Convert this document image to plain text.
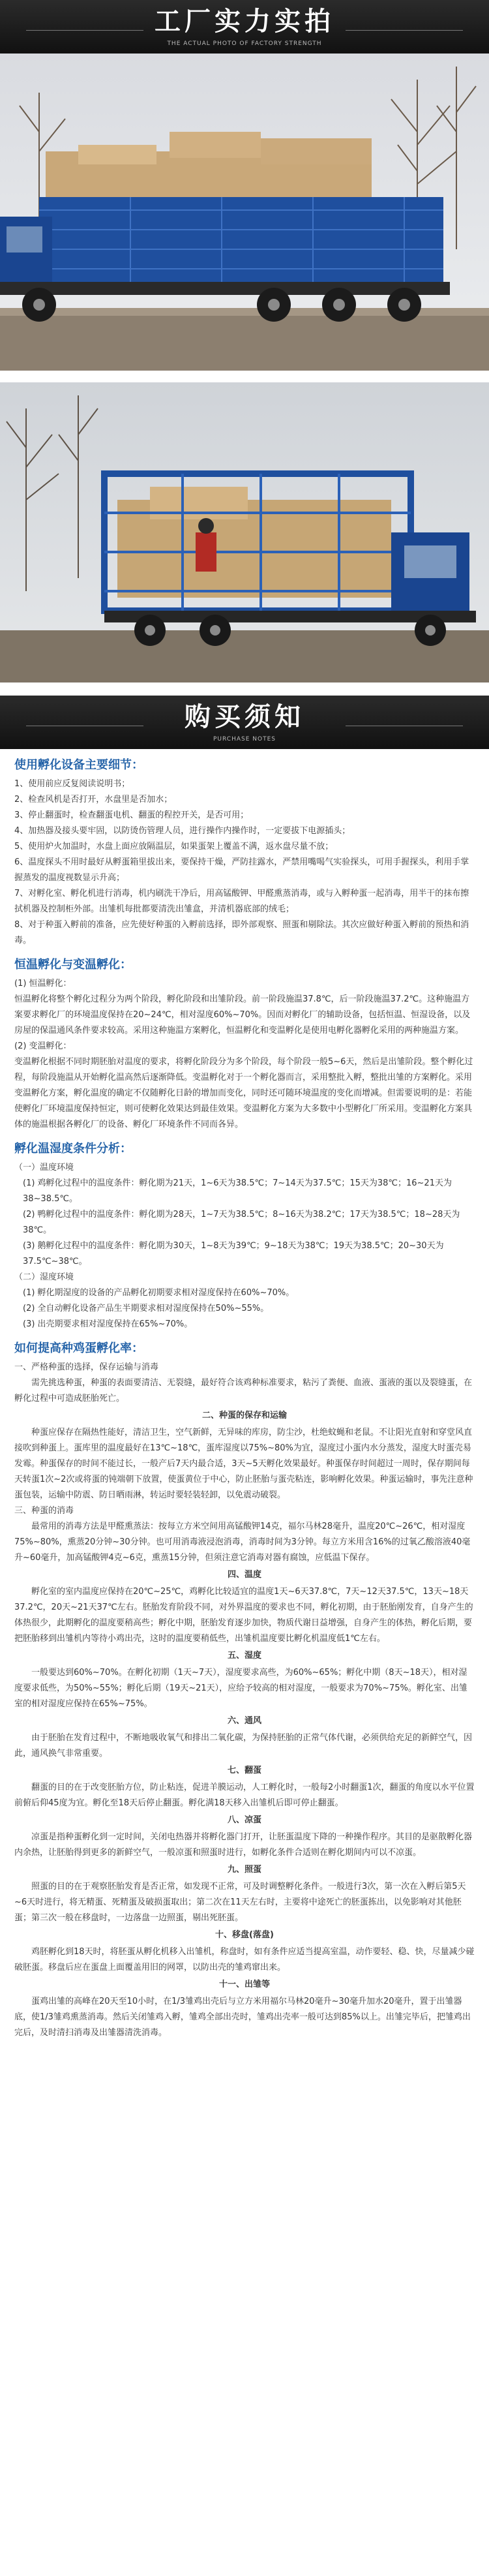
工厂实力实拍
THE ACTUAL PHOTO OF FACTORY STRENGTH
购买须知
PURCHASE NOTES
使用孵化设备主要细节：

1、使用前应反复阅读说明书；

2、检查风机是否打开，水盘里是否加水；

3、停止翻蛋时，检查翻蛋电机、翻蛋的程控开关，是否可用；

4、加热器及接头要牢固，以防烫伤管理人员，进行操作内操作时，一定要拔下电源插头；

5、使用炉火加温时，水盘上面应放隔温层，如果蛋架上覆盖不满，返水盘尽量不放；

6、温度探头不用时最好从孵蛋箱里拔出来，要保持干燥，严防挂露水，严禁用嘴喝气实验探头，可用手握探头，利用手掌握蒸发的温度视数显示升高；

7、对孵化室、孵化机进行消毒，机内刷洗干净后，用高锰酸钾、甲醛熏蒸消毒，或与入孵种蛋一起消毒，用半干的抹布擦拭机器及控制柜外部。出雏机每批都要清洗出雏盒，并清机器底部的绒毛；

8、对于种蛋入孵前的准备，应先使好种蛋的入孵前选择，即外部观察、照蛋和剔除法。其次应做好种蛋入孵前的预热和消毒。

恒温孵化与变温孵化：

(1) 恒温孵化：

恒温孵化将整个孵化过程分为两个阶段，孵化阶段和出雏阶段。前一阶段施温37.8℃，后一阶段施温37.2℃。这种施温方案要求孵化厂的环境温度保持在20~24℃，相对湿度60%~70%。因而对孵化厂的辅助设备，包括恒温、恒湿设备，以及房屋的保温通风条件要求较高。采用这种施温方案孵化，恒温孵化和变温孵化是使用电孵化器孵化采用的两种施温方案。

(2) 变温孵化：

变温孵化根据不同时期胚胎对温度的要求，将孵化阶段分为多个阶段，每个阶段一般5~6天，然后是出雏阶段。整个孵化过程，每阶段施温从开始孵化温高然后逐渐降低。变温孵化对于一个孵化器而言，采用整批入孵，整批出雏的方案孵化。采用变温孵化方案，孵化温度的确定不仅随孵化日龄的增加而变化，同时还可随环境温度的变化而增减。但需要说明的是：若能使孵化厂环境温度保持恒定，则可使孵化效果达到最佳效果。变温孵化方案为大多数中小型孵化厂所采用。变温孵化方案具体的施温根据各孵化厂的设备、孵化厂环境条件不同而各异。

孵化温湿度条件分析：

（一）温度环境

(1) 鸡孵化过程中的温度条件：孵化期为21天，1~6天为38.5℃；7~14天为37.5℃；15天为38℃；16~21天为38~38.5℃。

(2) 鸭孵化过程中的温度条件：孵化期为28天，1~7天为38.5℃；8~16天为38.2℃；17天为38.5℃；18~28天为38℃。

(3) 鹅孵化过程中的温度条件：孵化期为30天，1~8天为39℃；9~18天为38℃；19天为38.5℃；20~30天为37.5℃~38℃。

（二）湿度环境

(1) 孵化期湿度的设备的产品孵化初期要求相对湿度保持在60%~70%。

(2) 全自动孵化设备产品生半期要求相对湿度保持在50%~55%。

(3) 出壳期要求相对湿度保持在65%~70%。

如何提高种鸡蛋孵化率：

一、严格种蛋的选择，保存运输与消毒

需先挑选种蛋，种蛋的表面要清洁、无裂缝，最好符合该鸡种标准要求，粘污了粪便、血液、蛋液的蛋以及裂缝蛋，在孵化过程中可造成胚胎死亡。

二、种蛋的保存和运输

种蛋应保存在隔热性能好，清洁卫生，空气新鲜，无异味的库房，防尘沙，杜绝蚊蝇和老鼠。不让阳光直射和穿堂风直接吹到种蛋上。蛋库里的温度最好在13℃~18℃，蛋库湿度以75%~80%为宜，湿度过小蛋内水分蒸发，湿度大时蛋壳易发霉。种蛋保存的时间不能过长，一般产后7天内最合适，3天~5天孵化效果最好。种蛋保存时间超过一周时，保存期间每天转蛋1次~2次或将蛋的钝端朝下放置，使蛋黄位于中心，防止胚胎与蛋壳粘连，影响孵化效果。种蛋运输时，事先注意种蛋包装，运输中防震、防日晒雨淋，转运时要轻装轻卸，以免震动破裂。

三、种蛋的消毒

最常用的消毒方法是甲醛熏蒸法：按每立方米空间用高锰酸钾14克，福尔马林28毫升，温度20℃~26℃，相对湿度75%~80%，熏蒸20分钟~30分钟。也可用消毒液浸泡消毒，消毒时间为3分钟。每立方米用含16%的过氧乙酸溶液40毫升~60毫升，加高锰酸钾4克~6克，熏蒸15分钟，但须注意它消毒对器有腐蚀，应低温下保存。

四、温度

孵化室的室内温度应保持在20℃~25℃，鸡孵化比较适宜的温度1天~6天37.8℃，7天~12天37.5℃，13天~18天37.2℃，20天~21天37℃左右。胚胎发育阶段不同，对外界温度的要求也不同，孵化初期，由于胚胎刚发育，自身产生的体热很少，此期孵化的温度要稍高些；孵化中期，胚胎发育逐步加快，物质代谢日益增强，自身产生的体热，孵化后期，要把胚胎移到出雏机内等待小鸡出壳，这时的温度要稍低些，出雏机温度要比孵化机温度低1℃左右。

五、湿度

一般要达到60%~70%。在孵化初期（1天~7天），湿度要求高些，为60%~65%；孵化中期（8天~18天），相对湿度要求低些，为50%~55%；孵化后期（19天~21天），应给予较高的相对湿度，一般要求为70%~75%。孵化室、出雏室的相对湿度应保持在65%~75%。

六、通风

由于胚胎在发育过程中，不断地吸收氧气和排出二氧化碳，为保持胚胎的正常气体代谢，必须供给充足的新鲜空气，因此，通风换气非常重要。

七、翻蛋

翻蛋的目的在于改变胚胎方位，防止粘连，促进羊膜运动，人工孵化时，一般每2小时翻蛋1次，翻蛋的角度以水平位置前俯后仰45度为宜。孵化至18天后停止翻蛋。孵化满18天移入出雏机后即可停止翻蛋。

八、凉蛋

凉蛋是指种蛋孵化到一定时间，关闭电热器并将孵化器门打开，让胚蛋温度下降的一种操作程序。其目的是驱散孵化器内余热，让胚胎得到更多的新鲜空气，一般凉蛋和照蛋时进行，如孵化条件合适则在孵化期间内可以不凉蛋。

九、照蛋

照蛋的目的在于观察胚胎发育是否正常，如发现不正常，可及时调整孵化条件。一般进行3次，第一次在入孵后第5天~6天时进行，将无精蛋、死精蛋及破损蛋取出；第二次在11天左右时，主要将中途死亡的胚蛋拣出，以免影响对其他胚蛋；第三次一般在移盘时，一边落盘一边照蛋，剔出死胚蛋。

十、移盘(落盘)

鸡胚孵化到18天时，将胚蛋从孵化机移入出雏机，称盘时，如有条件应适当提高室温，动作要轻、稳、快，尽量减少碰破胚蛋。移盘后应在蛋盘上面覆盖用旧的网罩，以防出壳的雏鸡窜出来。

十一、出雏等

蛋鸡出雏的高峰在20天至10小时，在1/3雏鸡出壳后与立方米用福尔马林20毫升~30毫升加水20毫升，置于出雏器底，使1/3雏鸡熏蒸消毒。然后关闭雏鸡入孵，雏鸡全部出壳时，雏鸡出壳率一般可达到85%以上。出雏完毕后，把雏鸡出完后，及时清扫消毒及出雏器清洗消毒。
